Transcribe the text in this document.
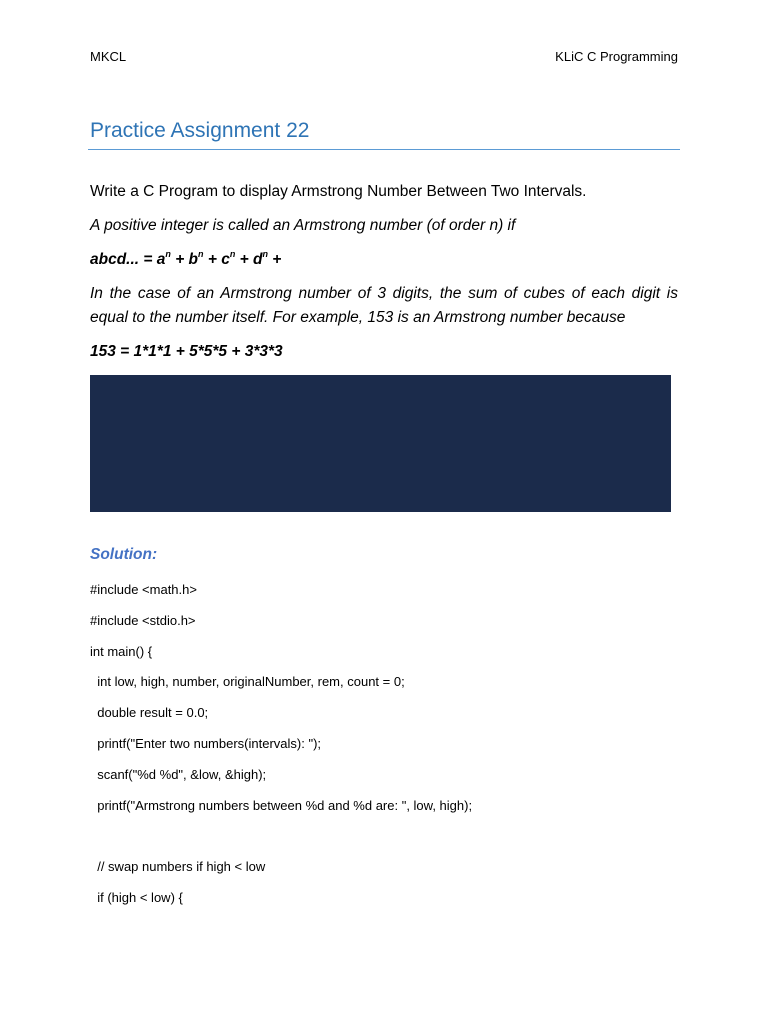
MKCL	KLiC C Programming
Practice Assignment 22

Write a C Program to display Armstrong Number Between Two Intervals.

A positive integer is called an Armstrong number (of order n) if

abcd... = $a^n + b^n + c^n + d^n$ +

In the case of an Armstrong number of 3 digits, the sum of cubes of each digit is equal to the number itself. For example, 153 is an Armstrong number because

153 = 1*1*1 + 5*5*5 + 3*3*3

Solution:
#include <math.h>
#include <stdio.h>
int main() {
int low, high, number, originalNumber, rem, count = 0;
double result = 0.0;
printf("Enter two numbers(intervals): ");
scanf("%d %d", &low, &high);
printf("Armstrong numbers between %d and %d are: ", low, high);
// swap numbers if high < low
if (high < low) {
